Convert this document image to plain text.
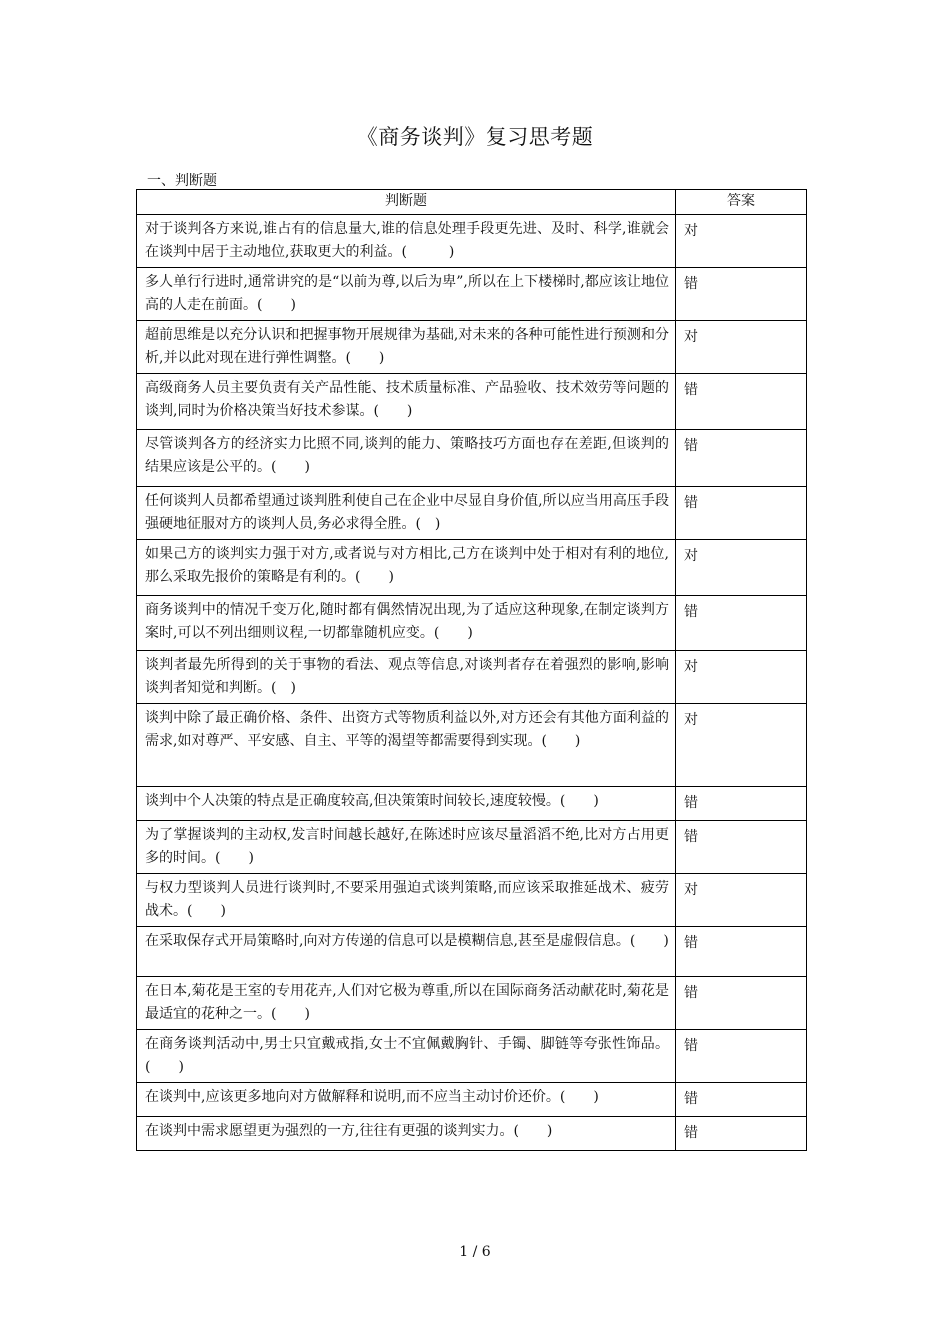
《商务谈判》复习思考题
一、判断题
判断题	答案
对于谈判各方来说,谁占有的信息量大,谁的信息处理手段更先进、及时、科学,谁就会在谈判中居于主动地位,获取更大的利益。(　　　)	对
多人单行行进时,通常讲究的是“以前为尊,以后为卑”,所以在上下楼梯时,都应该让地位高的人走在前面。(　　)	错
超前思维是以充分认识和把握事物开展规律为基础,对未来的各种可能性进行预测和分析,并以此对现在进行弹性调整。(　　)	对
高级商务人员主要负责有关产品性能、技术质量标准、产品验收、技术效劳等问题的谈判,同时为价格决策当好技术参谋。(　　)	错
尽管谈判各方的经济实力比照不同,谈判的能力、策略技巧方面也存在差距,但谈判的结果应该是公平的。(　　)	错
任何谈判人员都希望通过谈判胜利使自己在企业中尽显自身价值,所以应当用高压手段强硬地征服对方的谈判人员,务必求得全胜。(　)	错
如果己方的谈判实力强于对方,或者说与对方相比,己方在谈判中处于相对有利的地位,那么采取先报价的策略是有利的。(　　)	对
商务谈判中的情况千变万化,随时都有偶然情况出现,为了适应这种现象,在制定谈判方案时,可以不列出细则议程,一切都靠随机应变。(　　)	错
谈判者最先所得到的关于事物的看法、观点等信息,对谈判者存在着强烈的影响,影响谈判者知觉和判断。(　)	对
谈判中除了最正确价格、条件、出资方式等物质利益以外,对方还会有其他方面利益的需求,如对尊严、平安感、自主、平等的渴望等都需要得到实现。(　　)	对
谈判中个人决策的特点是正确度较高,但决策策时间较长,速度较慢。(　　)	错
为了掌握谈判的主动权,发言时间越长越好,在陈述时应该尽量滔滔不绝,比对方占用更多的时间。(　　)	错
与权力型谈判人员进行谈判时,不要采用强迫式谈判策略,而应该采取推延战术、疲劳战术。(　　)	对
在采取保存式开局策略时,向对方传递的信息可以是模糊信息,甚至是虚假信息。(　　)	错
在日本,菊花是王室的专用花卉,人们对它极为尊重,所以在国际商务活动献花时,菊花是最适宜的花种之一。(　　)	错
在商务谈判活动中,男士只宜戴戒指,女士不宜佩戴胸针、手镯、脚链等夸张性饰品。(　　)	错
在谈判中,应该更多地向对方做解释和说明,而不应当主动讨价还价。(　　)	错
在谈判中需求愿望更为强烈的一方,往往有更强的谈判实力。(　　)	错
1 / 6
